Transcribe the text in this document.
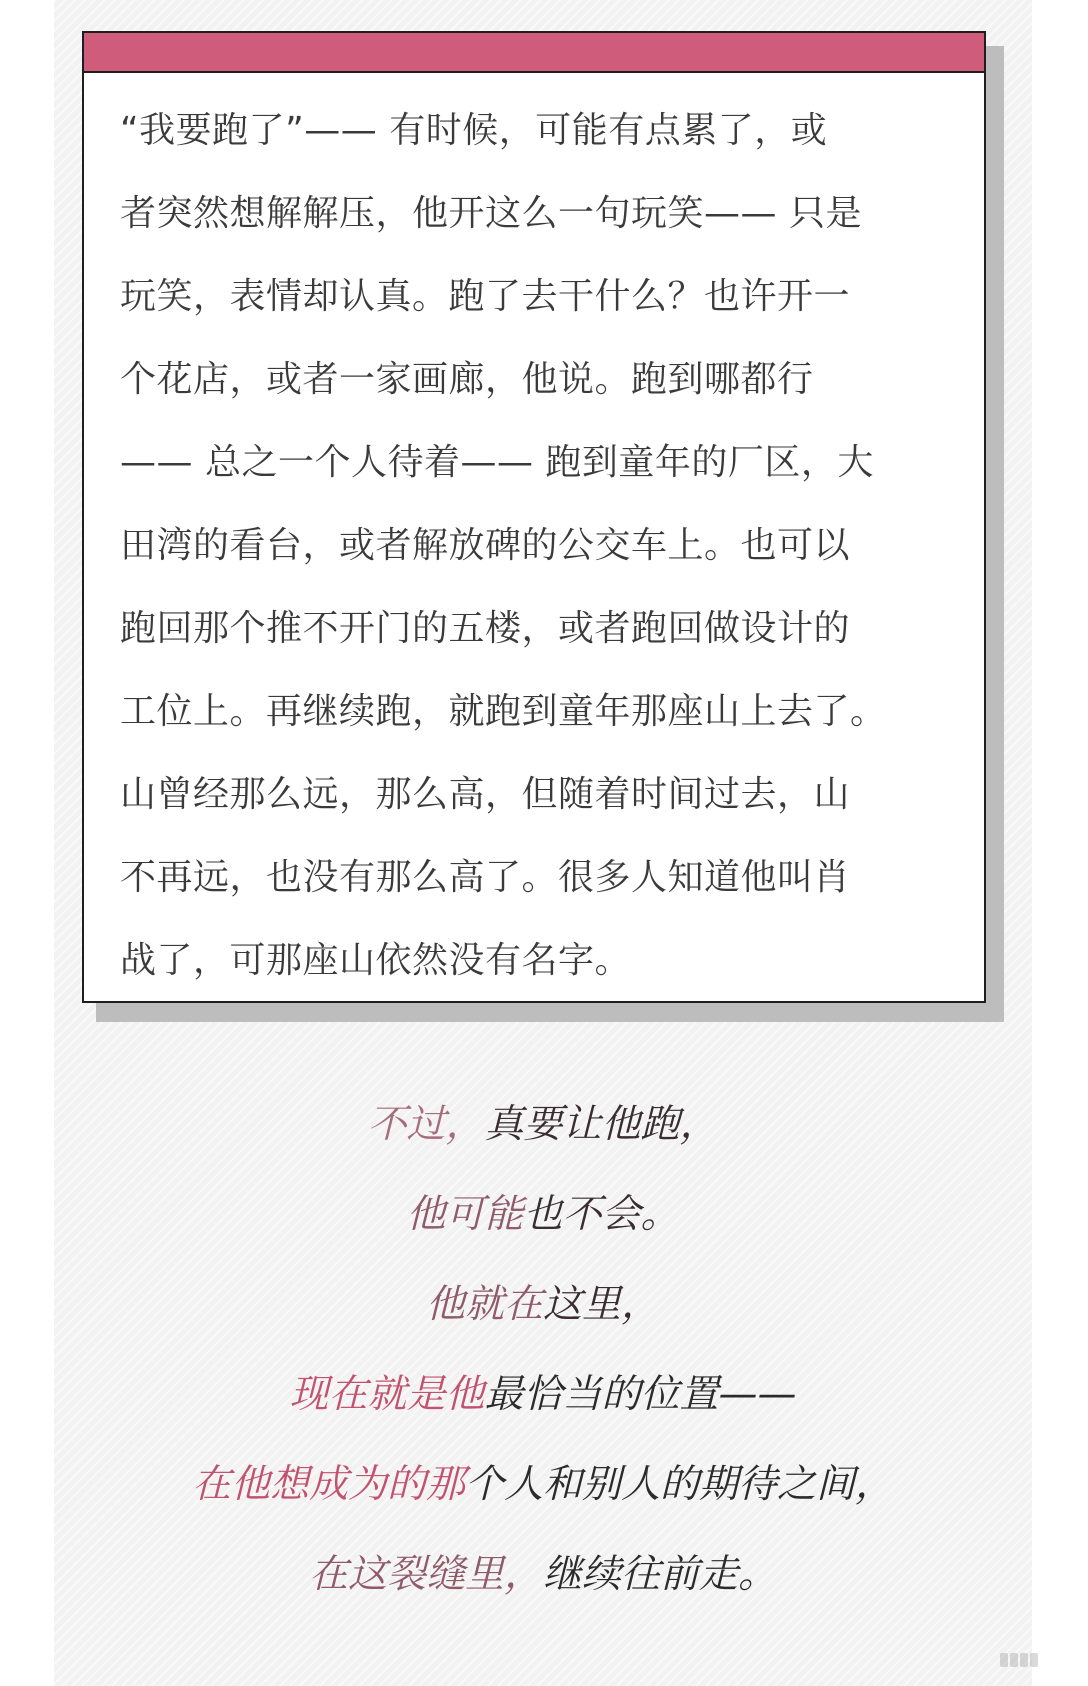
“我要跑了”—— 有时候，可能有点累了，或
者突然想解解压，他开这么一句玩笑—— 只是
玩笑，表情却认真。跑了去干什么？也许开一
个花店，或者一家画廊，他说。跑到哪都行
—— 总之一个人待着—— 跑到童年的厂区，大
田湾的看台，或者解放碑的公交车上。也可以
跑回那个推不开门的五楼，或者跑回做设计的
工位上。再继续跑，就跑到童年那座山上去了。
山曾经那么远，那么高，但随着时间过去，山
不再远，也没有那么高了。很多人知道他叫肖
战了，可那座山依然没有名字。
不过，真要让他跑，
他可能也不会。
他就在这里，
现在就是他最恰当的位置——
在他想成为的那个人和别人的期待之间，
在这裂缝里，继续往前走。
